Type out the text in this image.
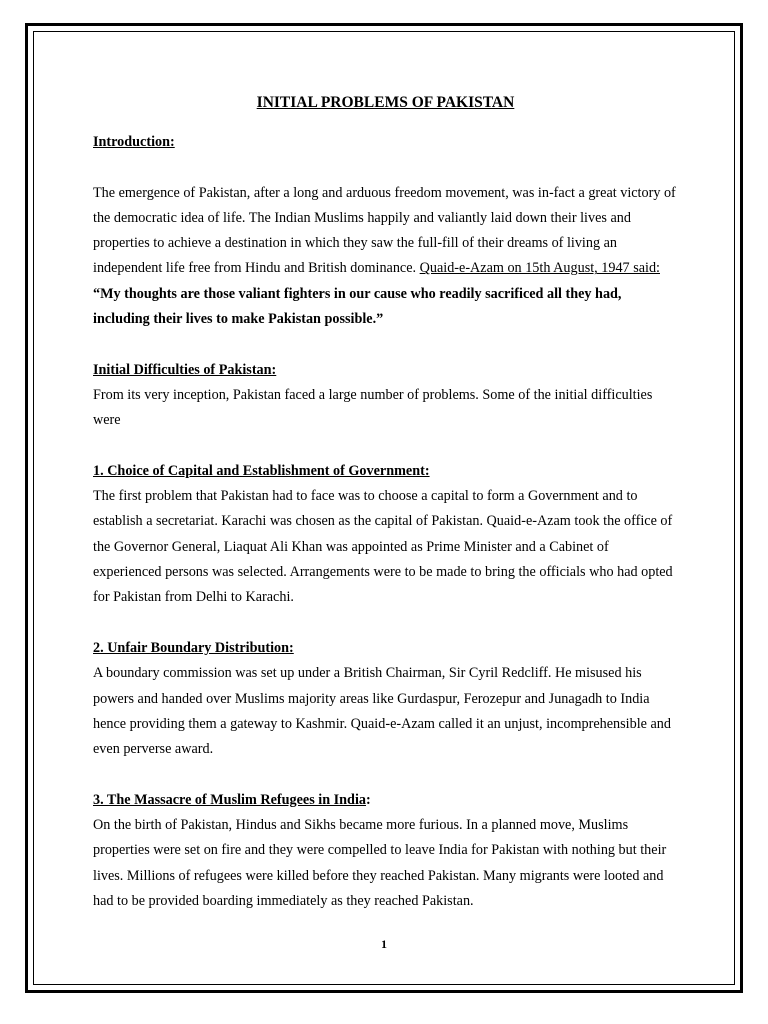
INITIAL PROBLEMS OF PAKISTAN

Introduction:

The emergence of Pakistan, after a long and arduous freedom movement, was in-fact a great victory of the democratic idea of life. The Indian Muslims happily and valiantly laid down their lives and properties to achieve a destination in which they saw the full-fill of their dreams of living an independent life free from Hindu and British dominance. Quaid-e-Azam on 15th August, 1947 said:

“My thoughts are those valiant fighters in our cause who readily sacrificed all they had, including their lives to make Pakistan possible.”

Initial Difficulties of Pakistan:

From its very inception, Pakistan faced a large number of problems. Some of the initial difficulties were

1. Choice of Capital and Establishment of Government:

The first problem that Pakistan had to face was to choose a capital to form a Government and to establish a secretariat. Karachi was chosen as the capital of Pakistan. Quaid-e-Azam took the office of the Governor General, Liaquat Ali Khan was appointed as Prime Minister and a Cabinet of experienced persons was selected. Arrangements were to be made to bring the officials who had opted for Pakistan from Delhi to Karachi.

2. Unfair Boundary Distribution:

A boundary commission was set up under a British Chairman, Sir Cyril Redcliff. He misused his powers and handed over Muslims majority areas like Gurdaspur, Ferozepur and Junagadh to India hence providing them a gateway to Kashmir. Quaid-e-Azam called it an unjust, incomprehensible and even perverse award.

3. The Massacre of Muslim Refugees in India:

On the birth of Pakistan, Hindus and Sikhs became more furious. In a planned move, Muslims properties were set on fire and they were compelled to leave India for Pakistan with nothing but their lives. Millions of refugees were killed before they reached Pakistan. Many migrants were looted and had to be provided boarding immediately as they reached Pakistan.

1
